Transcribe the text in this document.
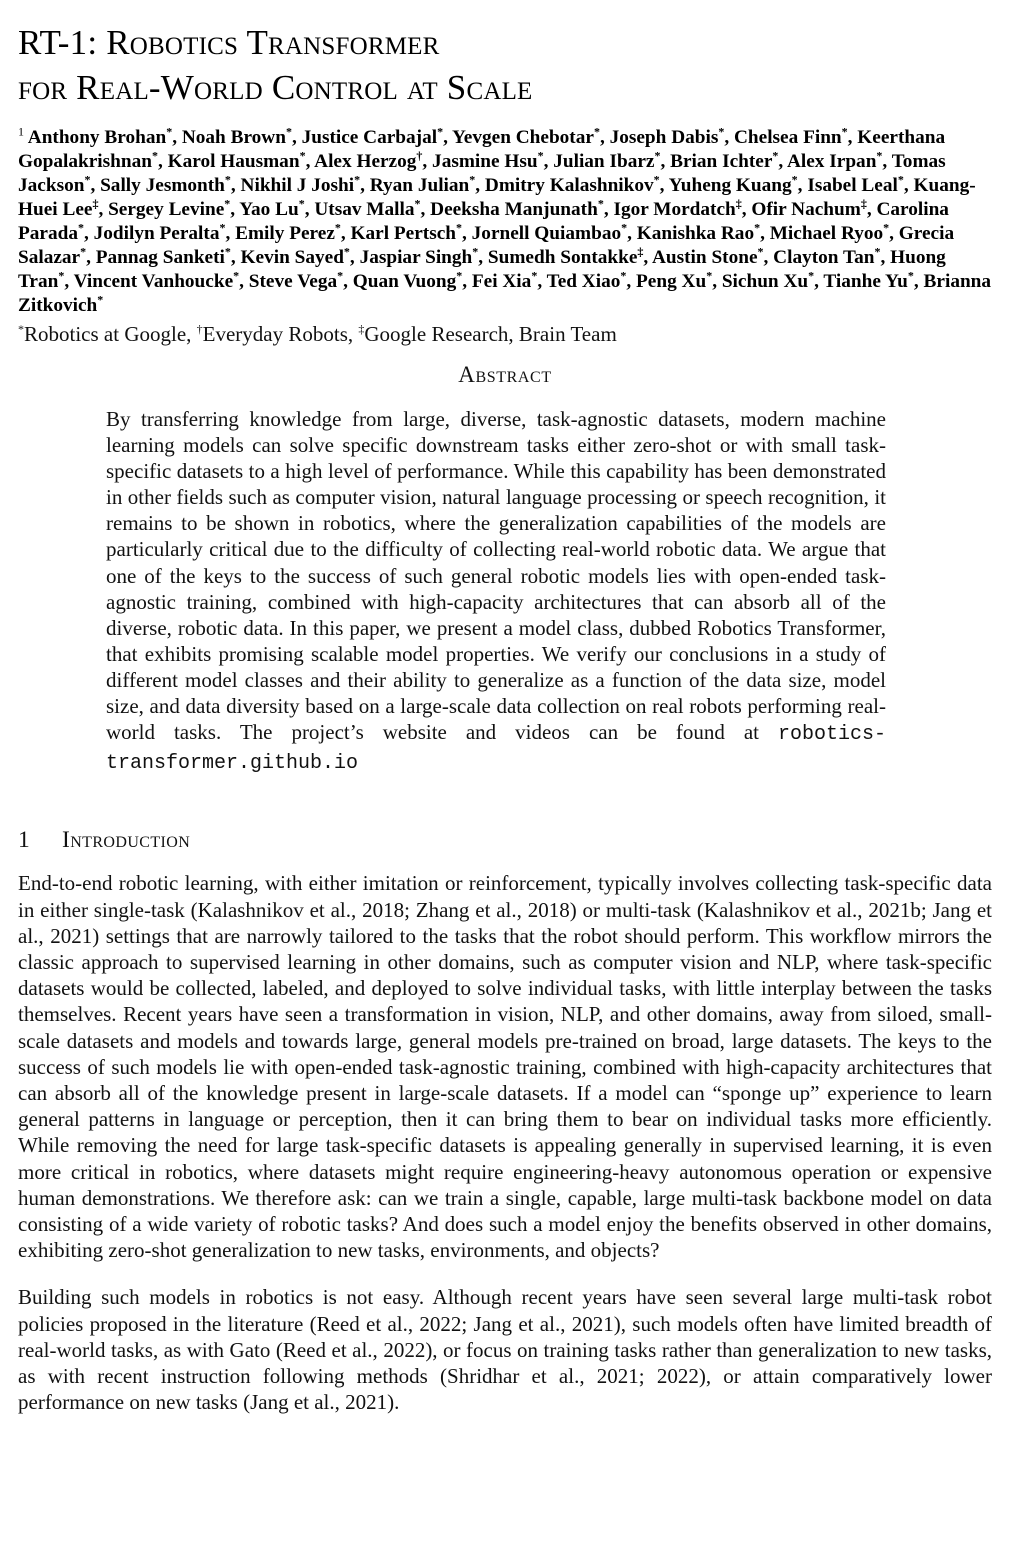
RT-1: Robotics Transformer
for Real-World Control at Scale
$^1$ Anthony Brohan*, Noah Brown*, Justice Carbajal*, Yevgen Chebotar*, Joseph Dabis*, Chelsea Finn*, Keerthana Gopalakrishnan*, Karol Hausman*, Alex Herzog†, Jasmine Hsu*, Julian Ibarz*, Brian Ichter*, Alex Irpan*, Tomas Jackson*, Sally Jesmonth*, Nikhil J Joshi*, Ryan Julian*, Dmitry Kalashnikov*, Yuheng Kuang*, Isabel Leal*, Kuang-Huei Lee‡, Sergey Levine*, Yao Lu*, Utsav Malla*, Deeksha Manjunath*, Igor Mordatch‡, Ofir Nachum‡, Carolina Parada*, Jodilyn Peralta*, Emily Perez*, Karl Pertsch*, Jornell Quiambao*, Kanishka Rao*, Michael Ryoo*, Grecia Salazar*, Pannag Sanketi*, Kevin Sayed*, Jaspiar Singh*, Sumedh Sontakke‡, Austin Stone*, Clayton Tan*, Huong Tran*, Vincent Vanhoucke*, Steve Vega*, Quan Vuong*, Fei Xia*, Ted Xiao*, Peng Xu*, Sichun Xu*, Tianhe Yu*, Brianna Zitkovich*
*Robotics at Google, †Everyday Robots, ‡Google Research, Brain Team
Abstract
By transferring knowledge from large, diverse, task-agnostic datasets, modern machine learning models can solve specific downstream tasks either zero-shot or with small task-specific datasets to a high level of performance. While this capability has been demonstrated in other fields such as computer vision, natural language processing or speech recognition, it remains to be shown in robotics, where the generalization capabilities of the models are particularly critical due to the difficulty of collecting real-world robotic data. We argue that one of the keys to the success of such general robotic models lies with open-ended task-agnostic training, combined with high-capacity architectures that can absorb all of the diverse, robotic data. In this paper, we present a model class, dubbed Robotics Transformer, that exhibits promising scalable model properties. We verify our conclusions in a study of different model classes and their ability to generalize as a function of the data size, model size, and data diversity based on a large-scale data collection on real robots performing real-world tasks. The project’s website and videos can be found at robotics-transformer.github.io
1	Introduction

End-to-end robotic learning, with either imitation or reinforcement, typically involves collecting task-specific data in either single-task (Kalashnikov et al., 2018; Zhang et al., 2018) or multi-task (Kalashnikov et al., 2021b; Jang et al., 2021) settings that are narrowly tailored to the tasks that the robot should perform. This workflow mirrors the classic approach to supervised learning in other domains, such as computer vision and NLP, where task-specific datasets would be collected, labeled, and deployed to solve individual tasks, with little interplay between the tasks themselves. Recent years have seen a transformation in vision, NLP, and other domains, away from siloed, small-scale datasets and models and towards large, general models pre-trained on broad, large datasets. The keys to the success of such models lie with open-ended task-agnostic training, combined with high-capacity architectures that can absorb all of the knowledge present in large-scale datasets. If a model can “sponge up” experience to learn general patterns in language or perception, then it can bring them to bear on individual tasks more efficiently. While removing the need for large task-specific datasets is appealing generally in supervised learning, it is even more critical in robotics, where datasets might require engineering-heavy autonomous operation or expensive human demonstrations. We therefore ask: can we train a single, capable, large multi-task backbone model on data consisting of a wide variety of robotic tasks? And does such a model enjoy the benefits observed in other domains, exhibiting zero-shot generalization to new tasks, environments, and objects?

Building such models in robotics is not easy. Although recent years have seen several large multi-task robot policies proposed in the literature (Reed et al., 2022; Jang et al., 2021), such models often have limited breadth of real-world tasks, as with Gato (Reed et al., 2022), or focus on training tasks rather than generalization to new tasks, as with recent instruction following methods (Shridhar et al., 2021; 2022), or attain comparatively lower performance on new tasks (Jang et al., 2021).
